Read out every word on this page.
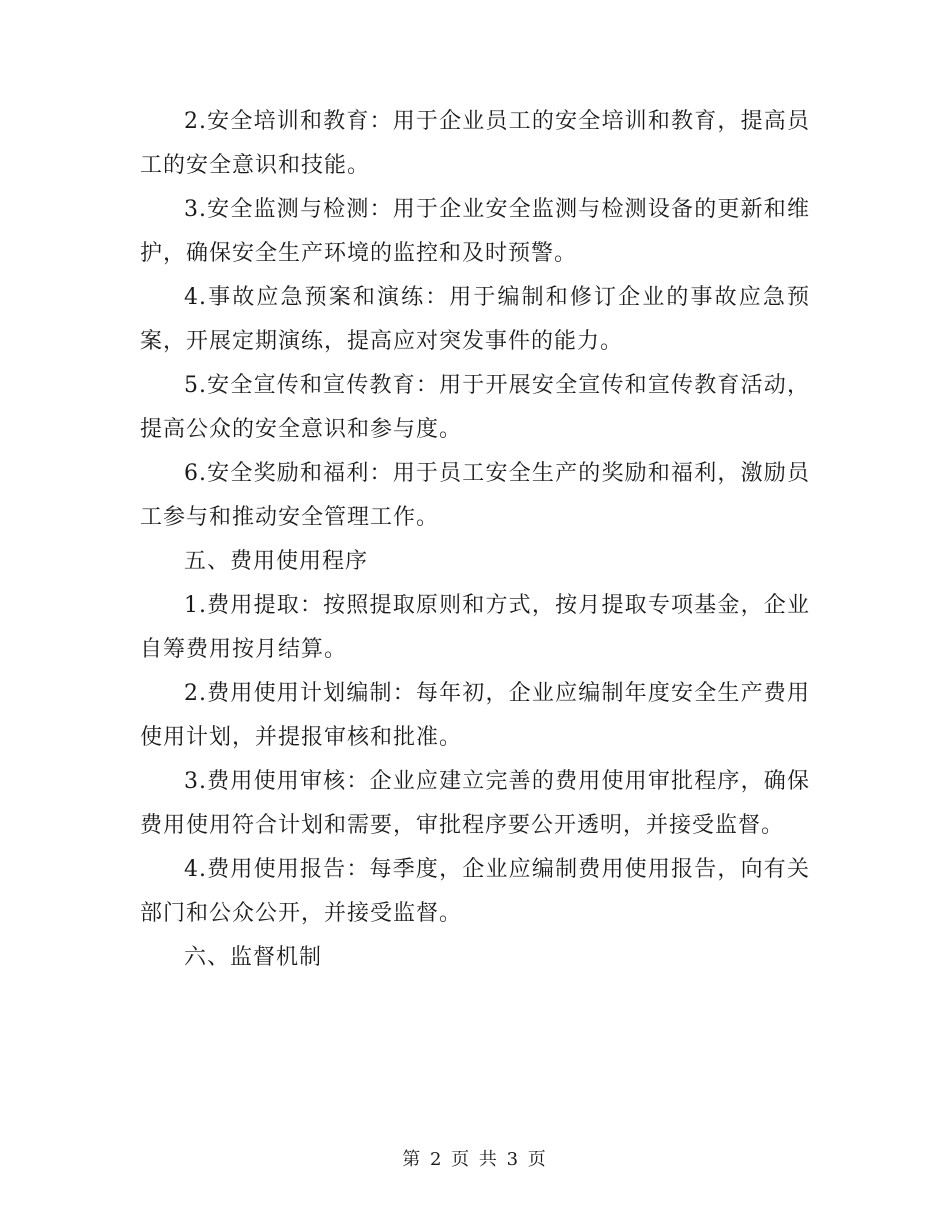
2.安全培训和教育：用于企业员工的安全培训和教育，提高员工的安全意识和技能。

3.安全监测与检测：用于企业安全监测与检测设备的更新和维护，确保安全生产环境的监控和及时预警。

4.事故应急预案和演练：用于编制和修订企业的事故应急预案，开展定期演练，提高应对突发事件的能力。

5.安全宣传和宣传教育：用于开展安全宣传和宣传教育活动，提高公众的安全意识和参与度。

6.安全奖励和福利：用于员工安全生产的奖励和福利，激励员工参与和推动安全管理工作。

五、费用使用程序

1.费用提取：按照提取原则和方式，按月提取专项基金，企业自筹费用按月结算。

2.费用使用计划编制：每年初，企业应编制年度安全生产费用使用计划，并提报审核和批准。

3.费用使用审核：企业应建立完善的费用使用审批程序，确保费用使用符合计划和需要，审批程序要公开透明，并接受监督。

4.费用使用报告：每季度，企业应编制费用使用报告，向有关部门和公众公开，并接受监督。

六、监督机制

第 2 页 共 3 页
